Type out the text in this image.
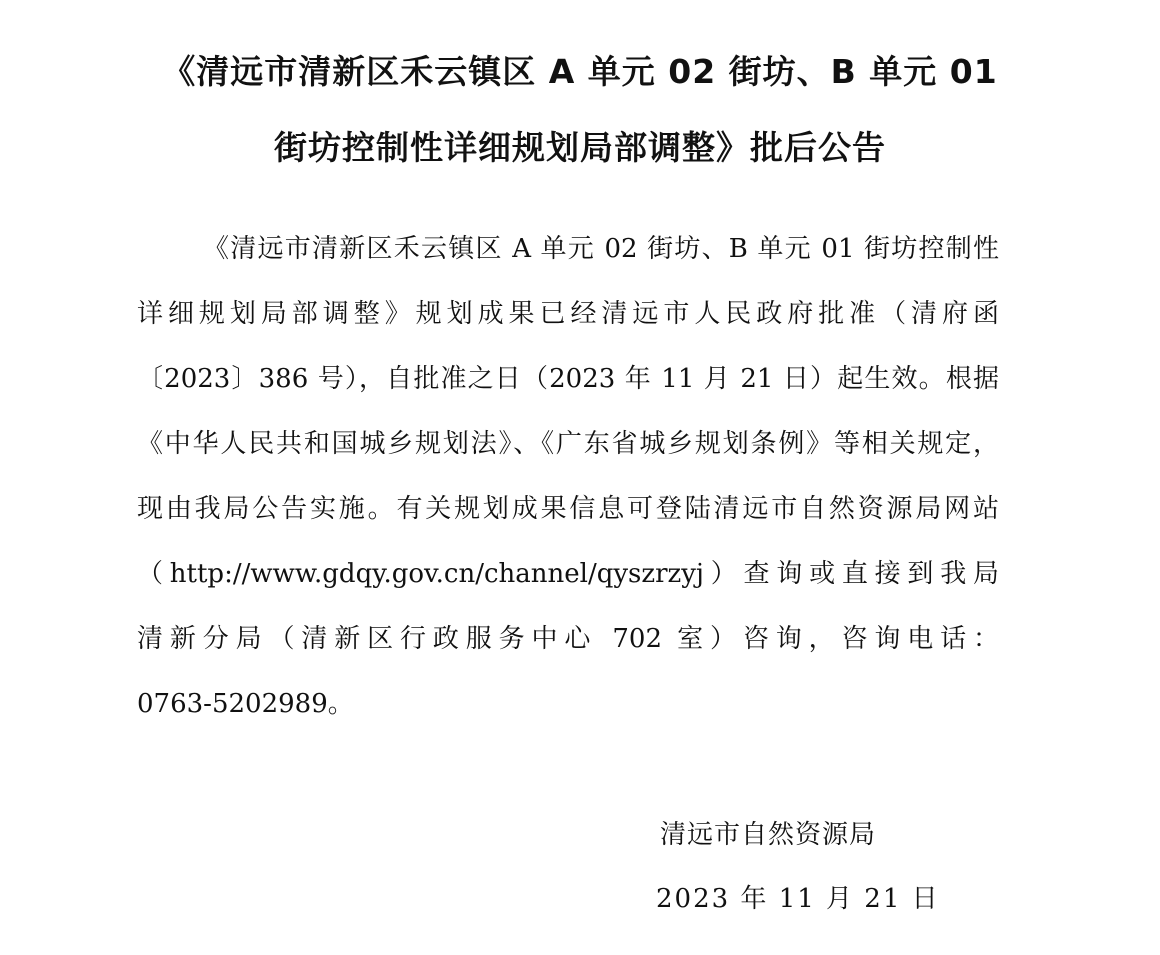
《清远市清新区禾云镇区 A 单元 02 街坊、B 单元 01
街坊控制性详细规划局部调整》批后公告
《清远市清新区禾云镇区 A 单元 02 街坊、B 单元 01 街坊控制性
详细规划局部调整》规划成果已经清远市人民政府批准（清府函
〔2023〕386 号），自批准之日（2023 年 11 月 21 日）起生效。根据
《中华人民共和国城乡规划法》、《广东省城乡规划条例》等相关规定，
现由我局公告实施。有关规划成果信息可登陆清远市自然资源局网站
（http://www.gdqy.gov.cn/channel/qyszrzyj）查询或直接到我局
清新分局（清新区行政服务中心 702 室）咨询，咨询电话：
0763-5202989。
清远市自然资源局
2023 年 11 月 21 日
